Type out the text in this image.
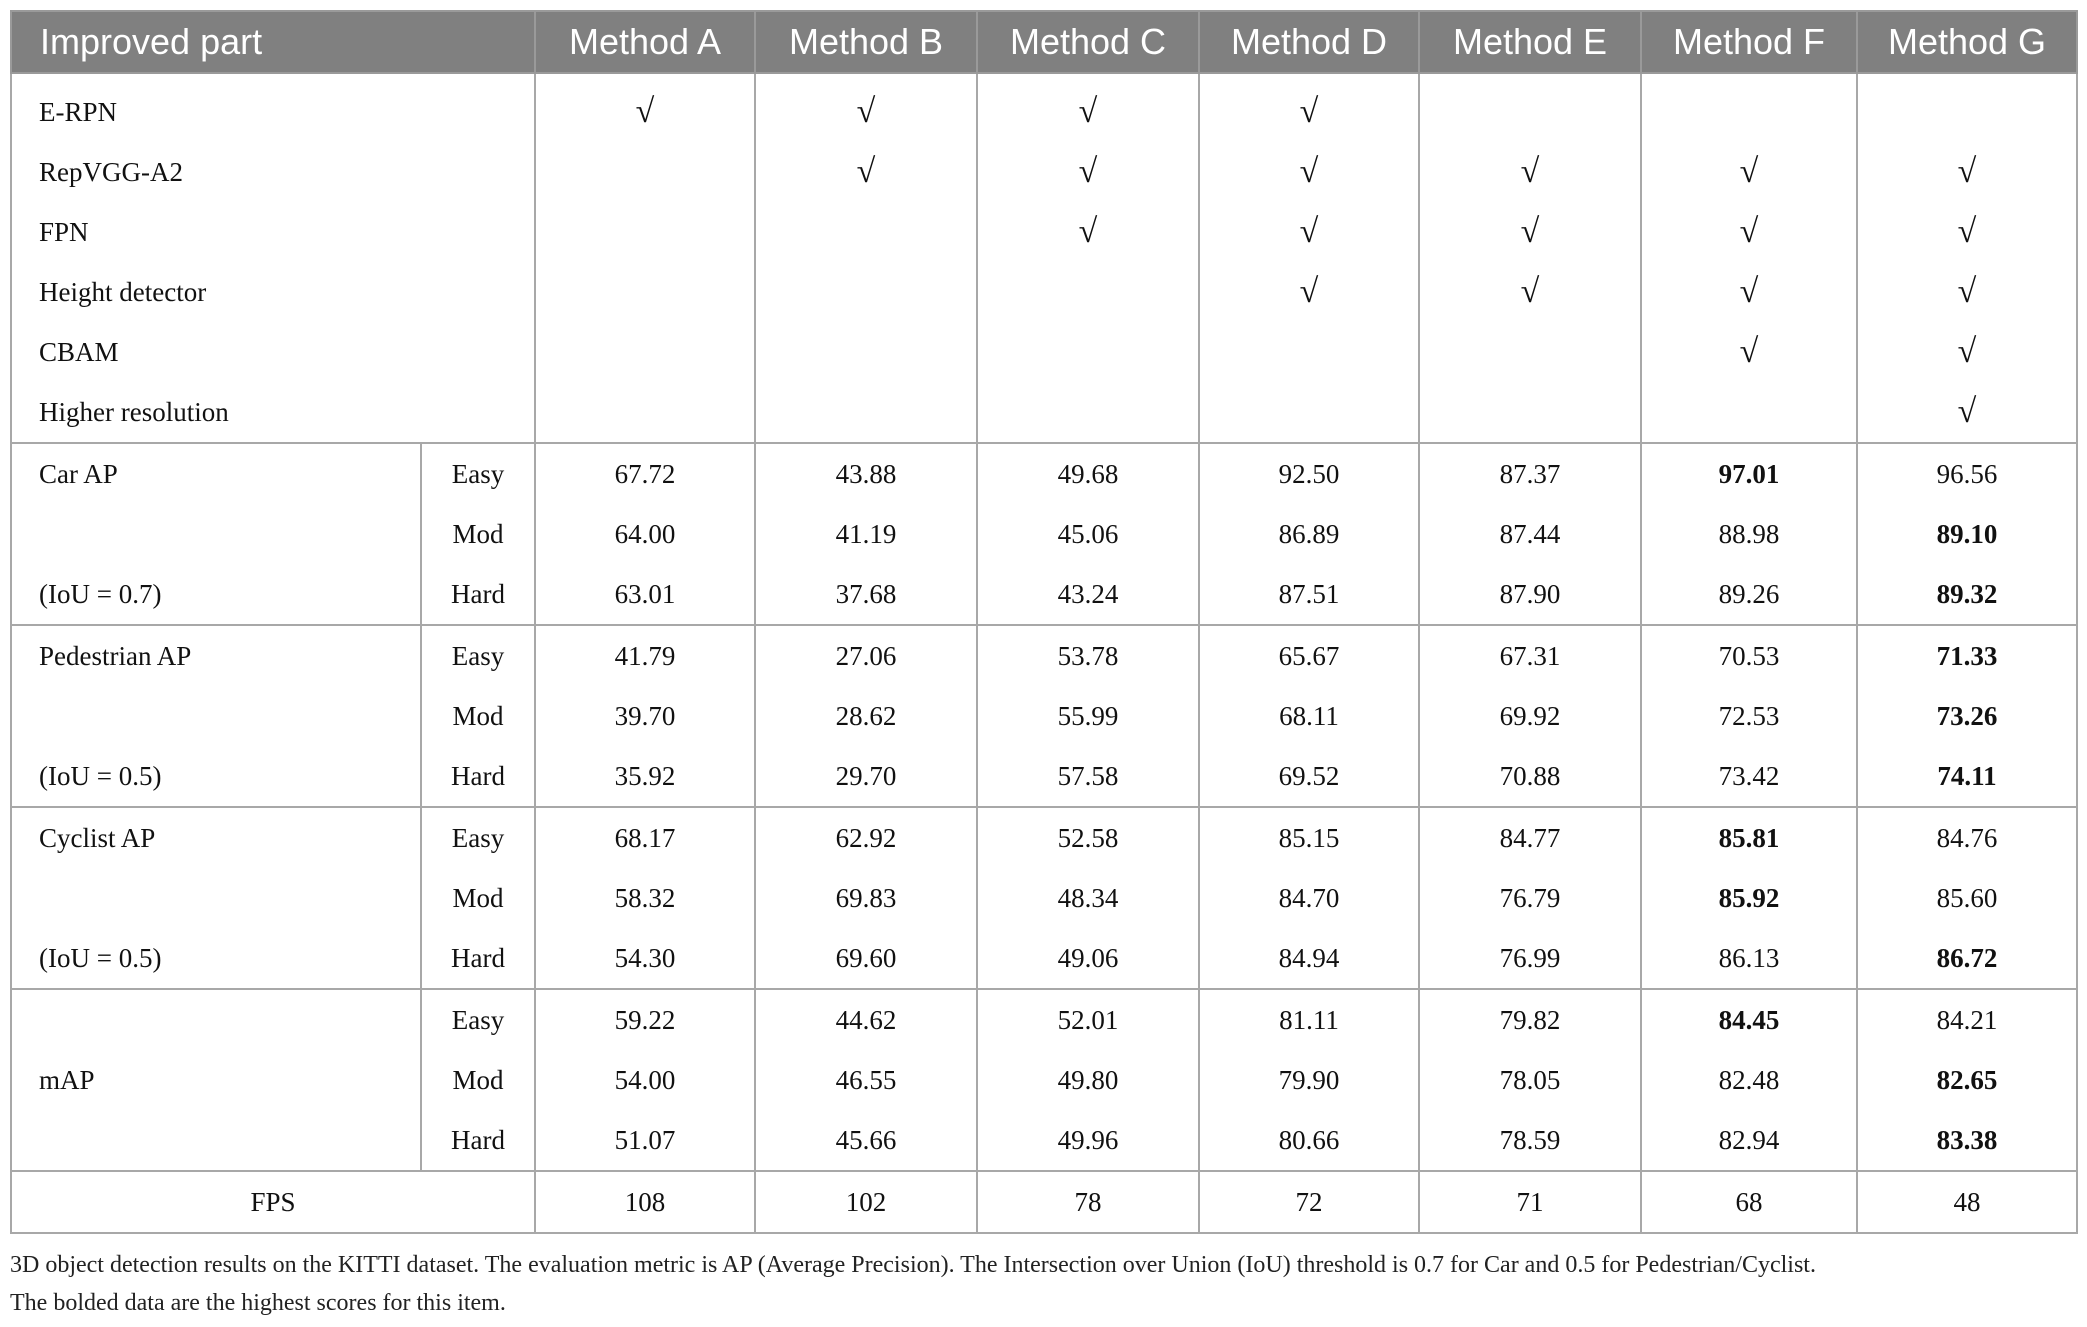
Improved part		Method A	Method B	Method C	Method D	Method E	Method F	Method G
E-RPN		√	√	√	√			
RepVGG-A2			√	√	√	√	√	√
FPN				√	√	√	√	√
Height detector					√	√	√	√
CBAM							√	√
Higher resolution								√
Car AP	Easy	67.72	43.88	49.68	92.50	87.37	97.01	96.56
	Mod	64.00	41.19	45.06	86.89	87.44	88.98	89.10
(IoU = 0.7)	Hard	63.01	37.68	43.24	87.51	87.90	89.26	89.32
Pedestrian AP	Easy	41.79	27.06	53.78	65.67	67.31	70.53	71.33
	Mod	39.70	28.62	55.99	68.11	69.92	72.53	73.26
(IoU = 0.5)	Hard	35.92	29.70	57.58	69.52	70.88	73.42	74.11
Cyclist AP	Easy	68.17	62.92	52.58	85.15	84.77	85.81	84.76
	Mod	58.32	69.83	48.34	84.70	76.79	85.92	85.60
(IoU = 0.5)	Hard	54.30	69.60	49.06	84.94	76.99	86.13	86.72
	Easy	59.22	44.62	52.01	81.11	79.82	84.45	84.21
mAP	Mod	54.00	46.55	49.80	79.90	78.05	82.48	82.65
	Hard	51.07	45.66	49.96	80.66	78.59	82.94	83.38
FPS		108	102	78	72	71	68	48
3D object detection results on the KITTI dataset. The evaluation metric is AP (Average Precision). The Intersection over Union (IoU) threshold is 0.7 for Car and 0.5 for Pedestrian/Cyclist.
The bolded data are the highest scores for this item.
